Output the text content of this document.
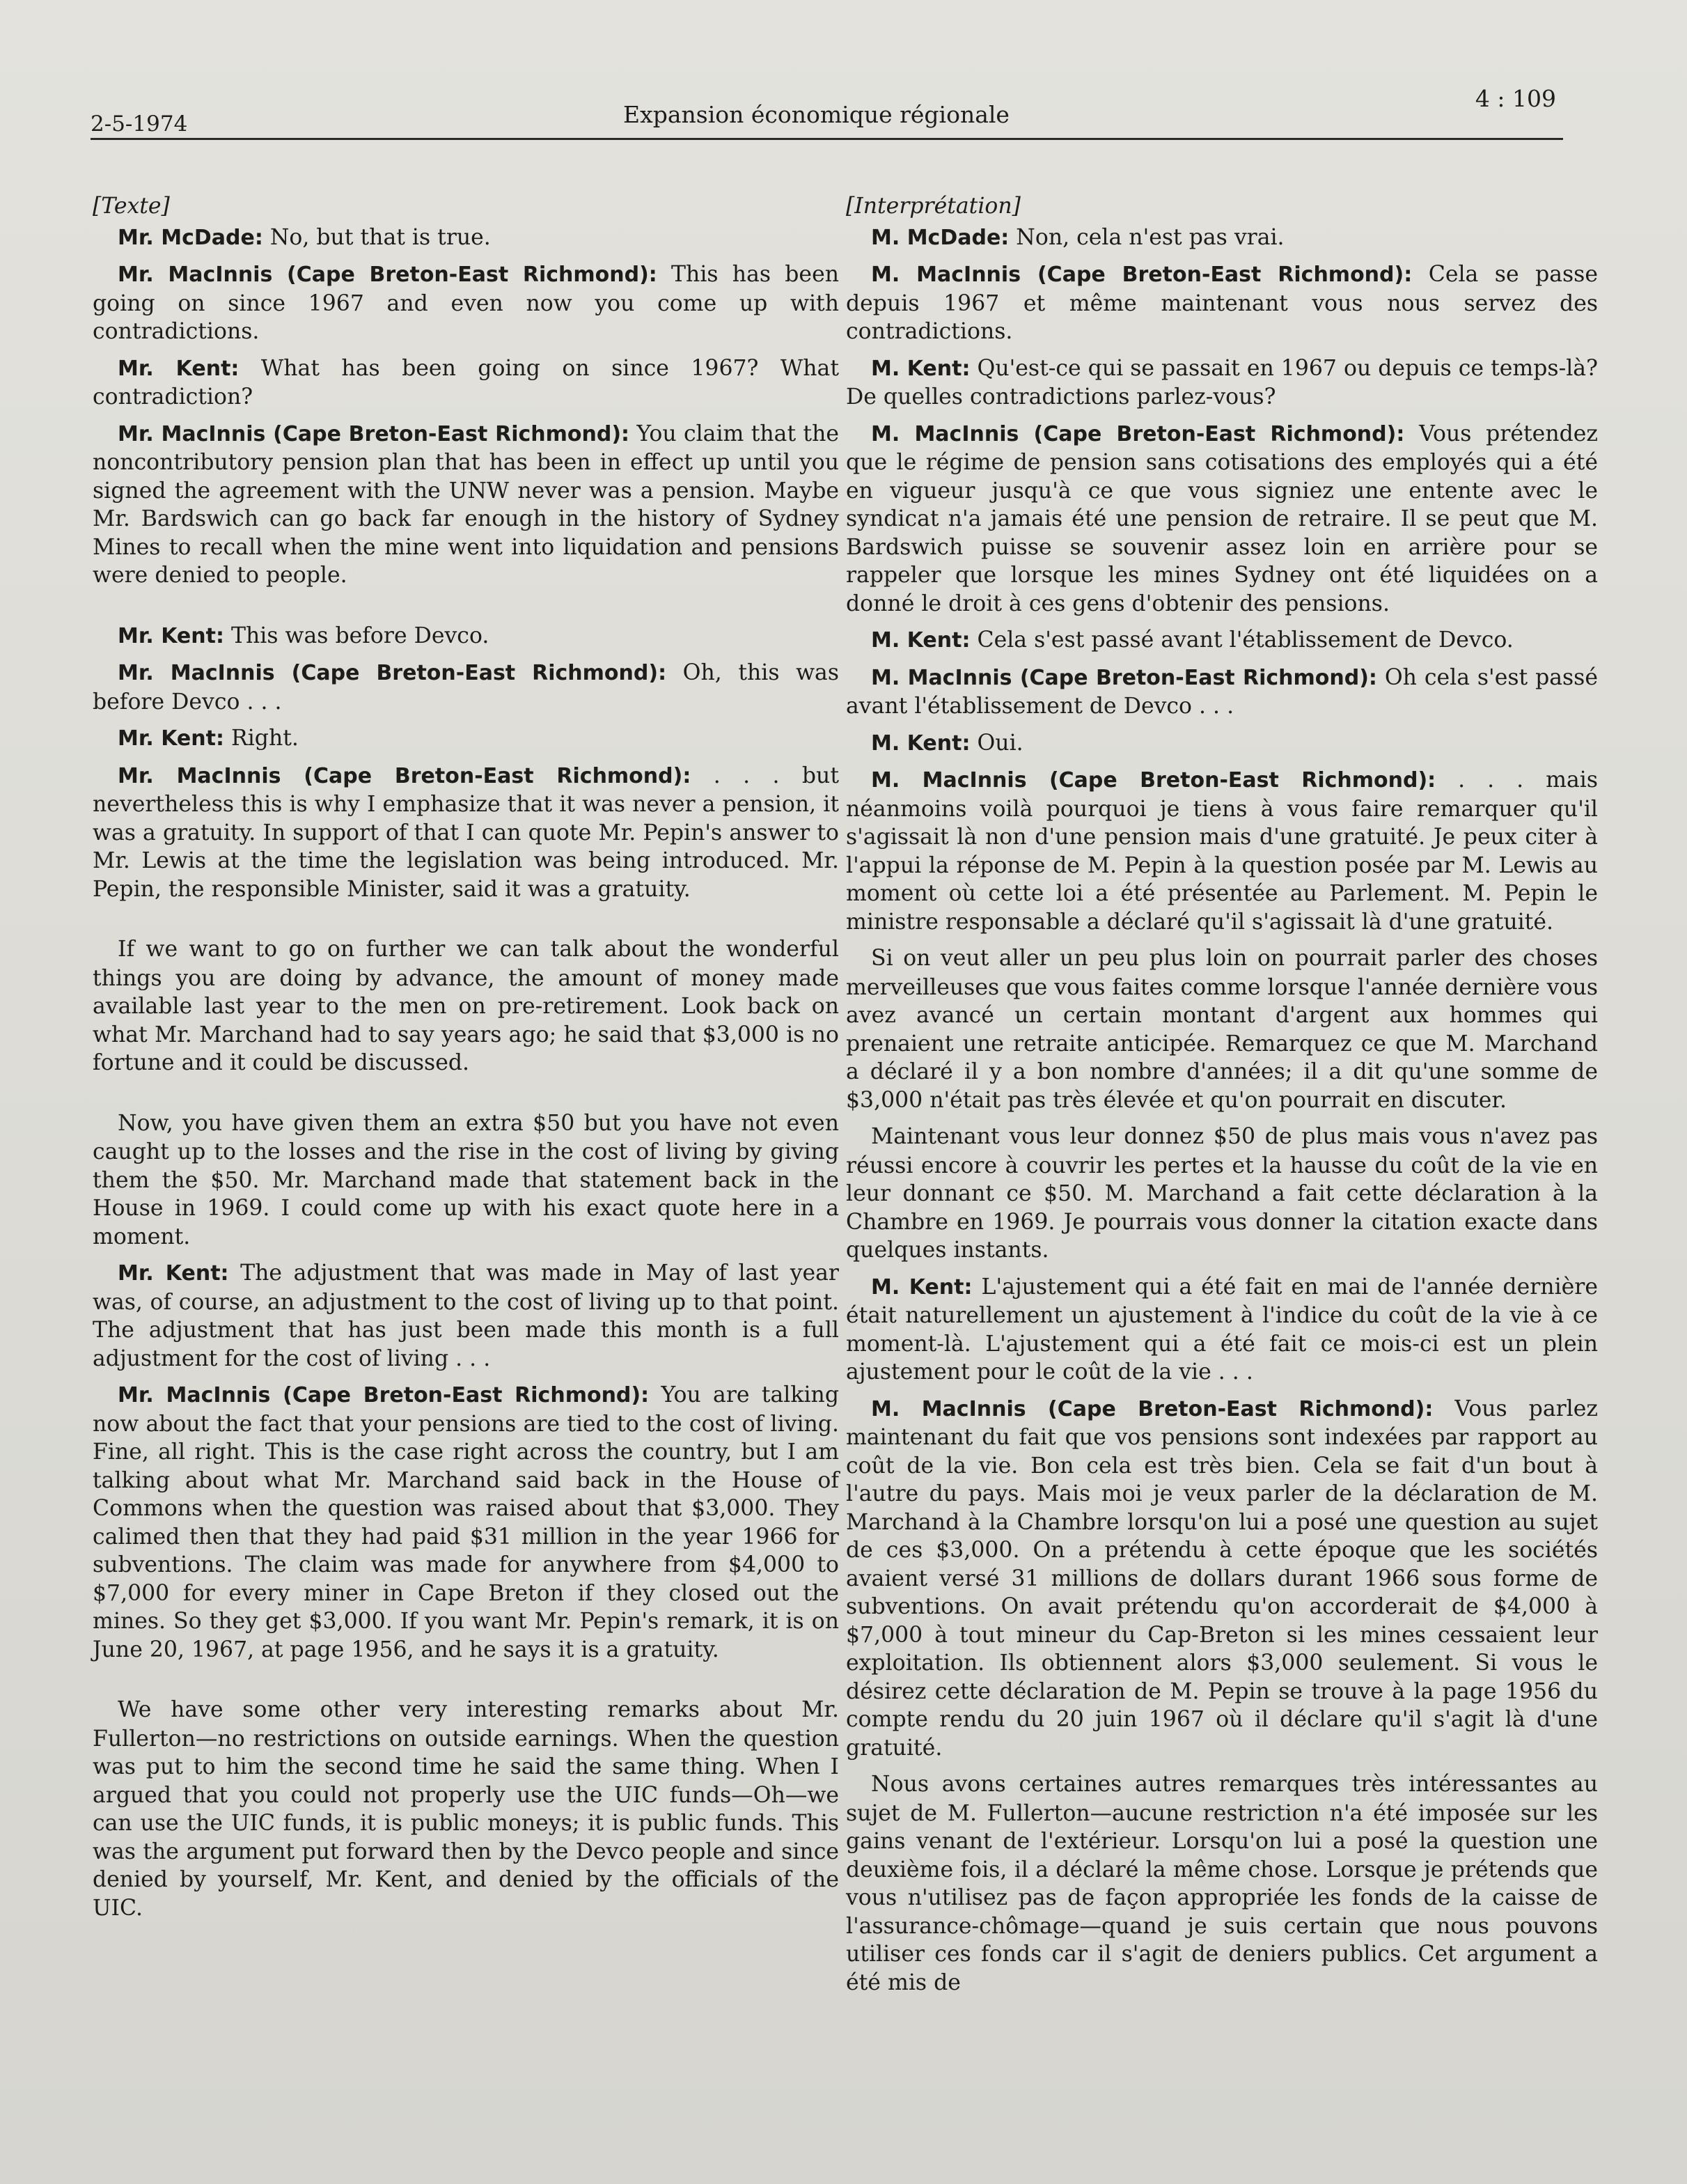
2-5-1974	Expansion économique régionale
4 : 109
[Texte]

Mr. McDade: No, but that is true.

Mr. MacInnis (Cape Breton-East Richmond): This has been going on since 1967 and even now you come up with contradictions.

Mr. Kent: What has been going on since 1967? What contradiction?

Mr. MacInnis (Cape Breton-East Richmond): You claim that the noncontributory pension plan that has been in effect up until you signed the agreement with the UNW never was a pension. Maybe Mr. Bardswich can go back far enough in the history of Sydney Mines to recall when the mine went into liquidation and pensions were denied to people.

Mr. Kent: This was before Devco.

Mr. MacInnis (Cape Breton-East Richmond): Oh, this was before Devco . . .

Mr. Kent: Right.

Mr. MacInnis (Cape Breton-East Richmond): . . . but nevertheless this is why I emphasize that it was never a pension, it was a gratuity. In support of that I can quote Mr. Pepin's answer to Mr. Lewis at the time the legislation was being introduced. Mr. Pepin, the responsible Minister, said it was a gratuity.

If we want to go on further we can talk about the wonderful things you are doing by advance, the amount of money made available last year to the men on pre-retirement. Look back on what Mr. Marchand had to say years ago; he said that $3,000 is no fortune and it could be discussed.

Now, you have given them an extra $50 but you have not even caught up to the losses and the rise in the cost of living by giving them the $50. Mr. Marchand made that statement back in the House in 1969. I could come up with his exact quote here in a moment.

Mr. Kent: The adjustment that was made in May of last year was, of course, an adjustment to the cost of living up to that point. The adjustment that has just been made this month is a full adjustment for the cost of living . . .

Mr. MacInnis (Cape Breton-East Richmond): You are talking now about the fact that your pensions are tied to the cost of living. Fine, all right. This is the case right across the country, but I am talking about what Mr. Marchand said back in the House of Commons when the question was raised about that $3,000. They calimed then that they had paid $31 million in the year 1966 for subventions. The claim was made for anywhere from $4,000 to $7,000 for every miner in Cape Breton if they closed out the mines. So they get $3,000. If you want Mr. Pepin's remark, it is on June 20, 1967, at page 1956, and he says it is a gratuity.

We have some other very interesting remarks about Mr. Fullerton—no restrictions on outside earnings. When the question was put to him the second time he said the same thing. When I argued that you could not properly use the UIC funds—Oh—we can use the UIC funds, it is public moneys; it is public funds. This was the argument put forward then by the Devco people and since denied by yourself, Mr. Kent, and denied by the officials of the UIC.

[Interprétation]

M. McDade: Non, cela n'est pas vrai.

M. MacInnis (Cape Breton-East Richmond): Cela se passe depuis 1967 et même maintenant vous nous servez des contradictions.

M. Kent: Qu'est-ce qui se passait en 1967 ou depuis ce temps-là? De quelles contradictions parlez-vous?

M. MacInnis (Cape Breton-East Richmond): Vous prétendez que le régime de pension sans cotisations des employés qui a été en vigueur jusqu'à ce que vous signiez une entente avec le syndicat n'a jamais été une pension de retraire. Il se peut que M. Bardswich puisse se souvenir assez loin en arrière pour se rappeler que lorsque les mines Sydney ont été liquidées on a donné le droit à ces gens d'obtenir des pensions.

M. Kent: Cela s'est passé avant l'établissement de Devco.

M. MacInnis (Cape Breton-East Richmond): Oh cela s'est passé avant l'établissement de Devco . . .

M. Kent: Oui.

M. MacInnis (Cape Breton-East Richmond): . . . mais néanmoins voilà pourquoi je tiens à vous faire remarquer qu'il s'agissait là non d'une pension mais d'une gratuité. Je peux citer à l'appui la réponse de M. Pepin à la question posée par M. Lewis au moment où cette loi a été présentée au Parlement. M. Pepin le ministre responsable a déclaré qu'il s'agissait là d'une gratuité.

Si on veut aller un peu plus loin on pourrait parler des choses merveilleuses que vous faites comme lorsque l'année dernière vous avez avancé un certain montant d'argent aux hommes qui prenaient une retraite anticipée. Remarquez ce que M. Marchand a déclaré il y a bon nombre d'années; il a dit qu'une somme de $3,000 n'était pas très élevée et qu'on pourrait en discuter.

Maintenant vous leur donnez $50 de plus mais vous n'avez pas réussi encore à couvrir les pertes et la hausse du coût de la vie en leur donnant ce $50. M. Marchand a fait cette déclaration à la Chambre en 1969. Je pourrais vous donner la citation exacte dans quelques instants.

M. Kent: L'ajustement qui a été fait en mai de l'année dernière était naturellement un ajustement à l'indice du coût de la vie à ce moment-là. L'ajustement qui a été fait ce mois-ci est un plein ajustement pour le coût de la vie . . .

M. MacInnis (Cape Breton-East Richmond): Vous parlez maintenant du fait que vos pensions sont indexées par rapport au coût de la vie. Bon cela est très bien. Cela se fait d'un bout à l'autre du pays. Mais moi je veux parler de la déclaration de M. Marchand à la Chambre lorsqu'on lui a posé une question au sujet de ces $3,000. On a prétendu à cette époque que les sociétés avaient versé 31 millions de dollars durant 1966 sous forme de subventions. On avait prétendu qu'on accorderait de $4,000 à $7,000 à tout mineur du Cap-Breton si les mines cessaient leur exploitation. Ils obtiennent alors $3,000 seulement. Si vous le désirez cette déclaration de M. Pepin se trouve à la page 1956 du compte rendu du 20 juin 1967 où il déclare qu'il s'agit là d'une gratuité.

Nous avons certaines autres remarques très intéressantes au sujet de M. Fullerton—aucune restriction n'a été imposée sur les gains venant de l'extérieur. Lorsqu'on lui a posé la question une deuxième fois, il a déclaré la même chose. Lorsque je prétends que vous n'utilisez pas de façon appropriée les fonds de la caisse de l'assurance-chômage—quand je suis certain que nous pouvons utiliser ces fonds car il s'agit de deniers publics. Cet argument a été mis de
